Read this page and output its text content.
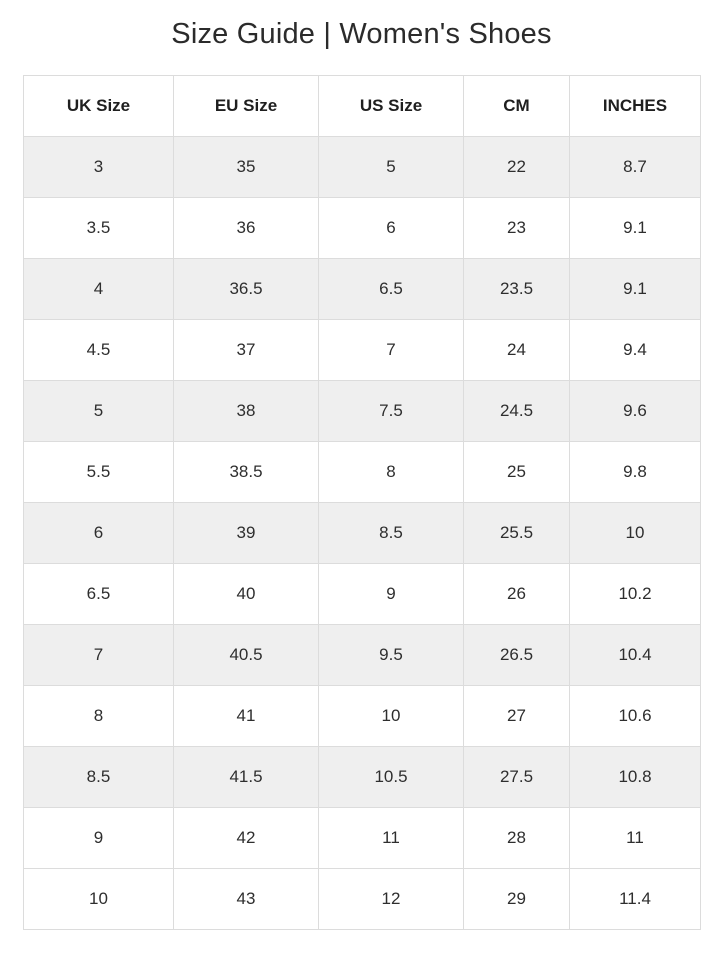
Size Guide | Women's Shoes
UK Size	EU Size	US Size	CM	INCHES
3	35	5	22	8.7
3.5	36	6	23	9.1
4	36.5	6.5	23.5	9.1
4.5	37	7	24	9.4
5	38	7.5	24.5	9.6
5.5	38.5	8	25	9.8
6	39	8.5	25.5	10
6.5	40	9	26	10.2
7	40.5	9.5	26.5	10.4
8	41	10	27	10.6
8.5	41.5	10.5	27.5	10.8
9	42	11	28	11
10	43	12	29	11.4
